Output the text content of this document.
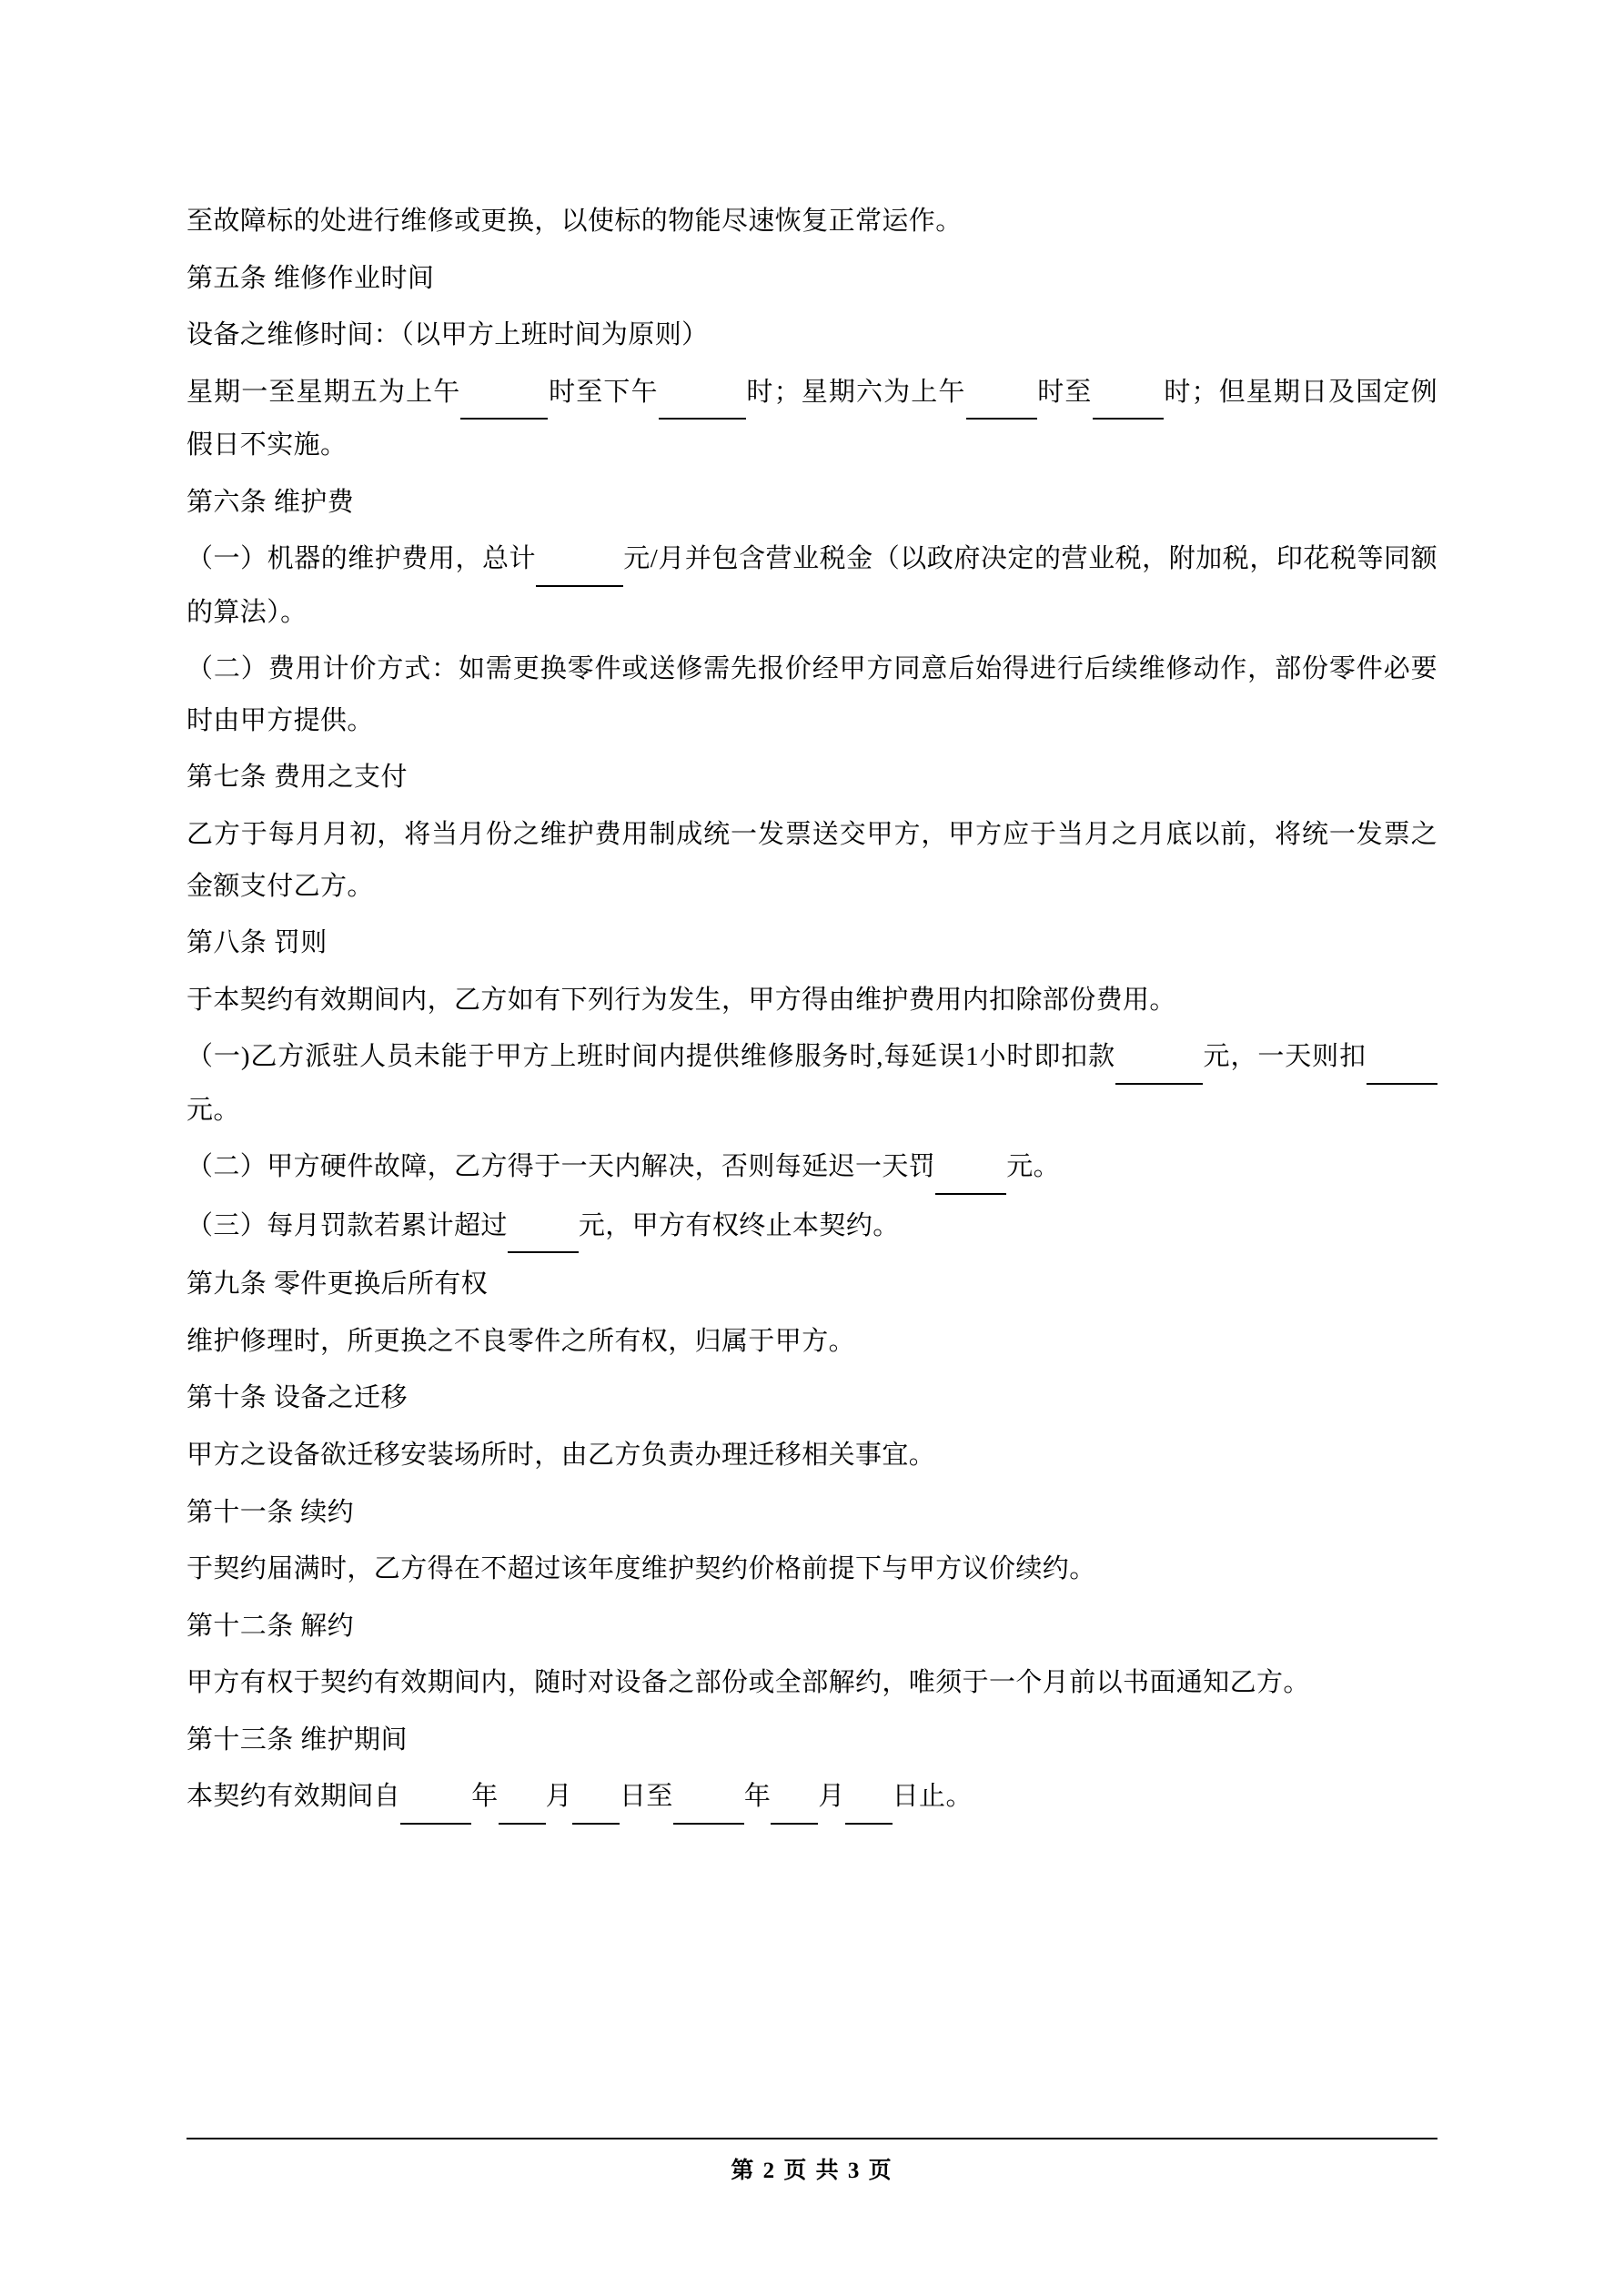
至故障标的处进行维修或更换，以使标的物能尽速恢复正常运作。
第五条 维修作业时间
设备之维修时间：（以甲方上班时间为原则）
星期一至星期五为上午	时至下午	时；星期六为上午	时至	时；但星期日及国定例假日不实施。
第六条 维护费
（一）机器的维护费用，总计	元/月并包含营业税金（以政府决定的营业税，附加税，印花税等同额的算法）。
（二）费用计价方式：如需更换零件或送修需先报价经甲方同意后始得进行后续维修动作，部份零件必要时由甲方提供。
第七条 费用之支付
乙方于每月月初，将当月份之维护费用制成统一发票送交甲方，甲方应于当月之月底以前，将统一发票之金额支付乙方。
第八条 罚则
于本契约有效期间内，乙方如有下列行为发生，甲方得由维护费用内扣除部份费用。
（一)乙方派驻人员未能于甲方上班时间内提供维修服务时,每延误1小时即扣款	元，一天则扣 元。
（二）甲方硬件故障，乙方得于一天内解决，否则每延迟一天罚	元。
（三）每月罚款若累计超过	元，甲方有权终止本契约。
第九条 零件更换后所有权
维护修理时，所更换之不良零件之所有权，归属于甲方。
第十条 设备之迁移
甲方之设备欲迁移安装场所时，由乙方负责办理迁移相关事宜。
第十一条 续约
于契约届满时，乙方得在不超过该年度维护契约价格前提下与甲方议价续约。
第十二条 解约
甲方有权于契约有效期间内，随时对设备之部份或全部解约，唯须于一个月前以书面通知乙方。
第十三条 维护期间
本契约有效期间自	年 月 日至	年 月 日止。
第 2 页 共 3 页
